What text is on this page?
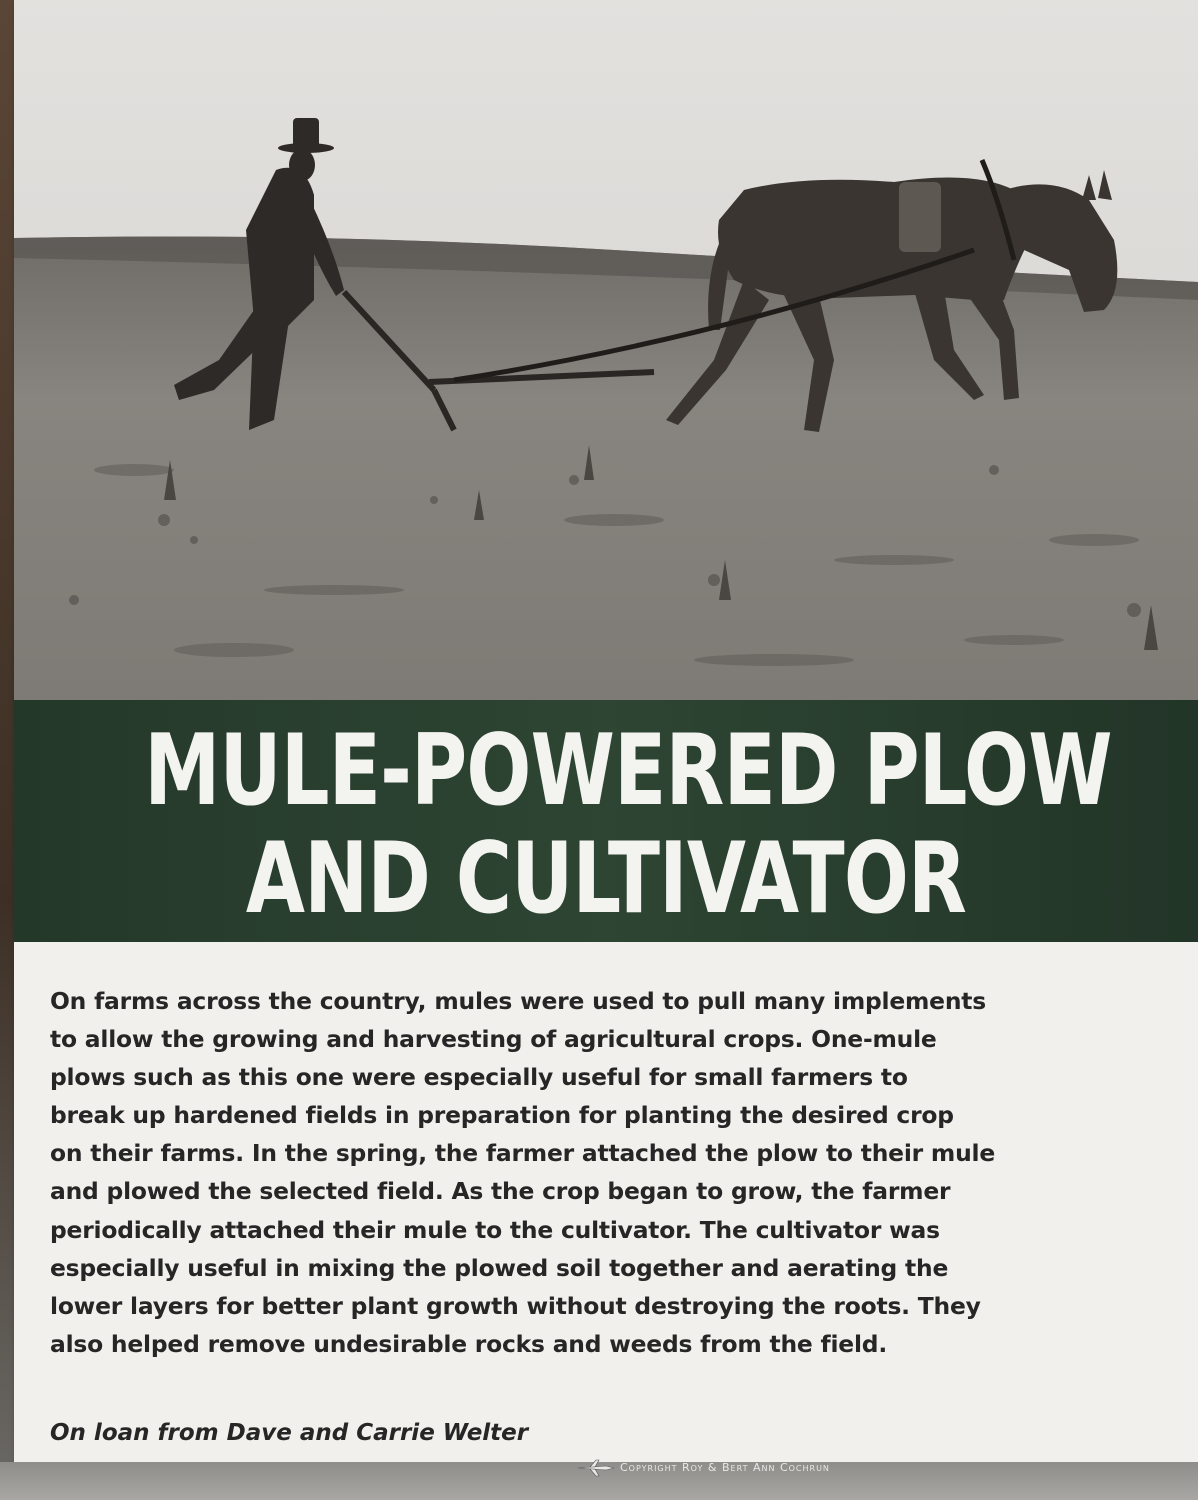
MULE-POWERED PLOW
AND CULTIVATOR
On farms across the country, mules were used to pull many implements
to allow the growing and harvesting of agricultural crops. One-mule
plows such as this one were especially useful for small farmers to
break up hardened fields in preparation for planting the desired crop
on their farms. In the spring, the farmer attached the plow to their mule
and plowed the selected field. As the crop began to grow, the farmer
periodically attached their mule to the cultivator. The cultivator was
especially useful in mixing the plowed soil together and aerating the
lower layers for better plant growth without destroying the roots. They
also helped remove undesirable rocks and weeds from the field.
On loan from Dave and Carrie Welter
Copyright Roy & Bert Ann Cochrun
